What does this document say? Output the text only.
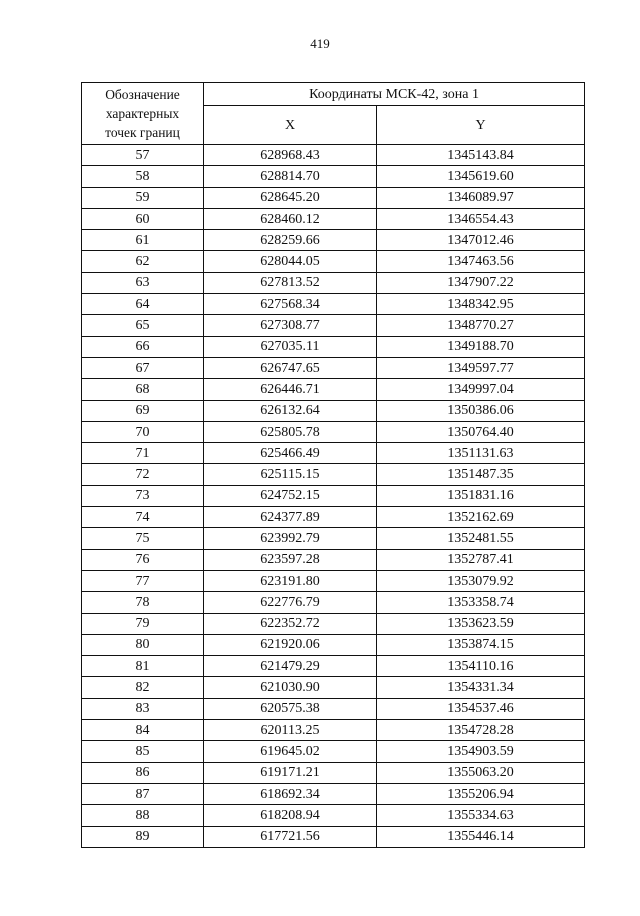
419
Обозначение
характерных
точек границ	Координаты МСК-42, зона 1	
	X	Y
57	628968.43	1345143.84
58	628814.70	1345619.60
59	628645.20	1346089.97
60	628460.12	1346554.43
61	628259.66	1347012.46
62	628044.05	1347463.56
63	627813.52	1347907.22
64	627568.34	1348342.95
65	627308.77	1348770.27
66	627035.11	1349188.70
67	626747.65	1349597.77
68	626446.71	1349997.04
69	626132.64	1350386.06
70	625805.78	1350764.40
71	625466.49	1351131.63
72	625115.15	1351487.35
73	624752.15	1351831.16
74	624377.89	1352162.69
75	623992.79	1352481.55
76	623597.28	1352787.41
77	623191.80	1353079.92
78	622776.79	1353358.74
79	622352.72	1353623.59
80	621920.06	1353874.15
81	621479.29	1354110.16
82	621030.90	1354331.34
83	620575.38	1354537.46
84	620113.25	1354728.28
85	619645.02	1354903.59
86	619171.21	1355063.20
87	618692.34	1355206.94
88	618208.94	1355334.63
89	617721.56	1355446.14
